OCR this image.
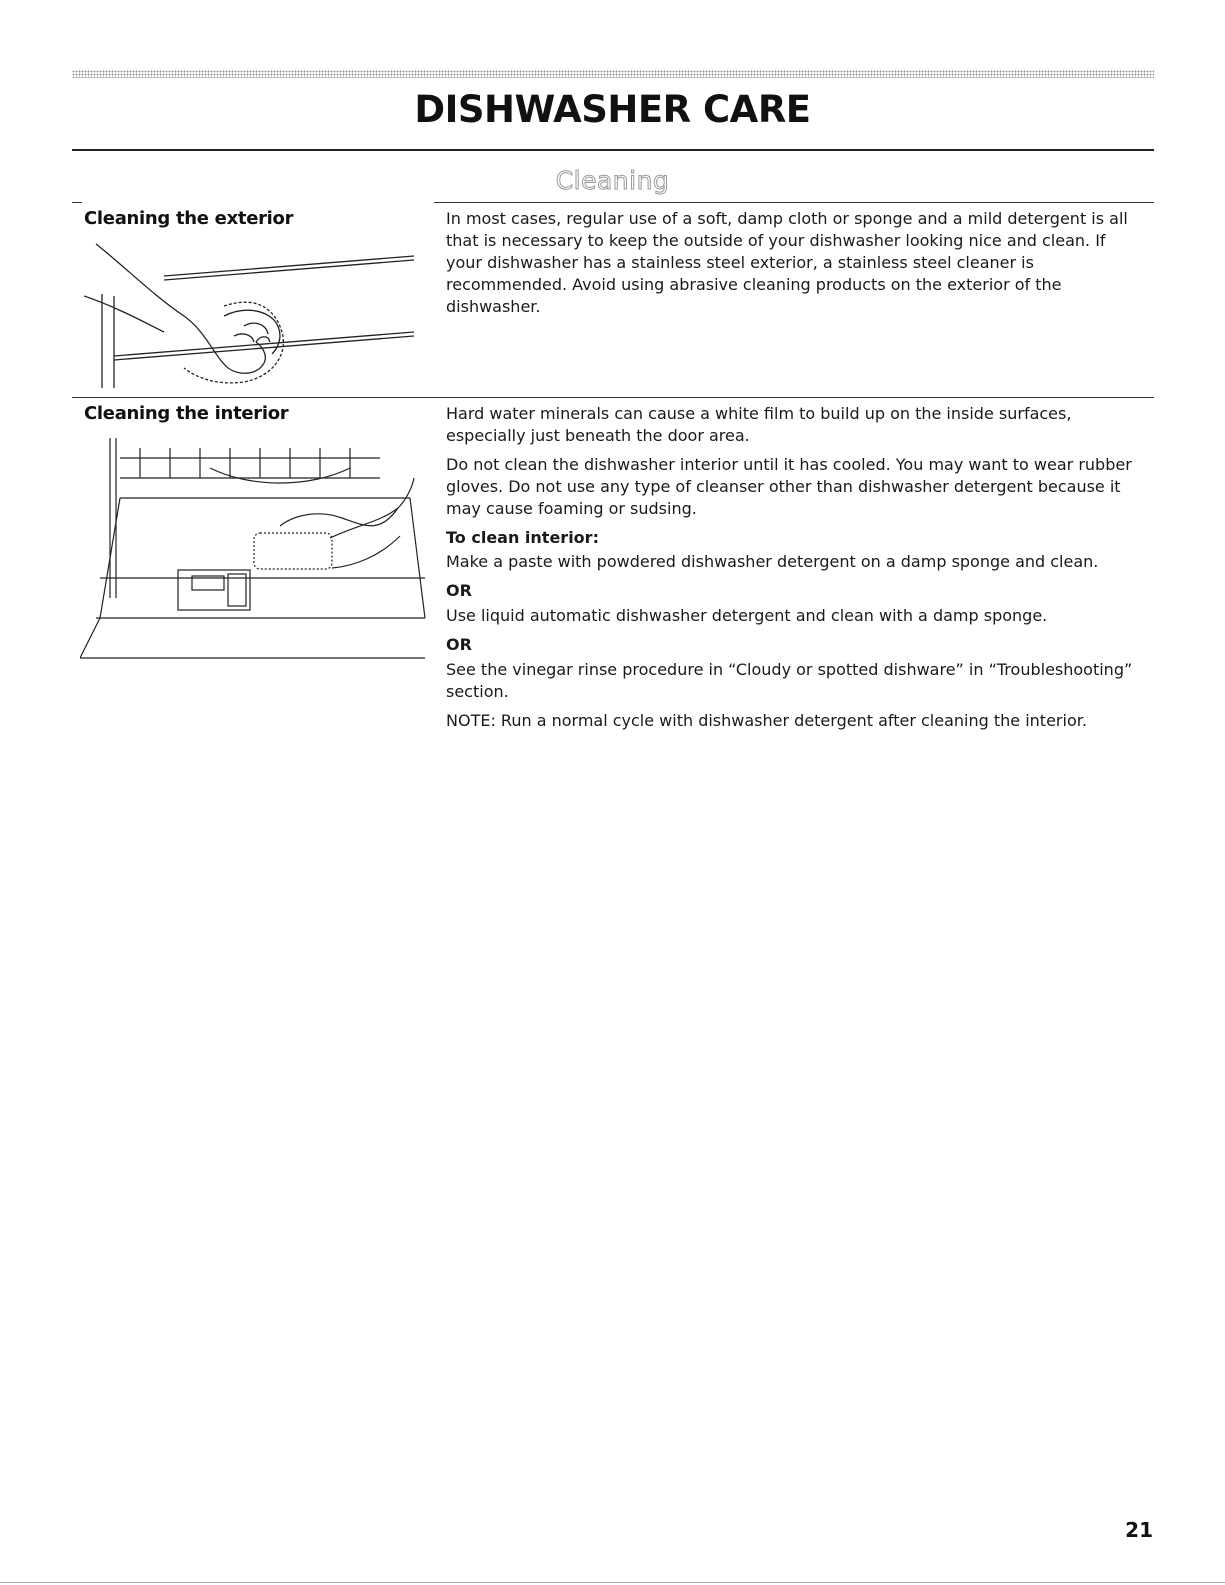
DISHWASHER CARE
Cleaning
Cleaning the exterior	In most cases, regular use of a soft, damp cloth or sponge and a mild detergent is all that is necessary to keep the outside of your dishwasher looking nice and clean. If your dishwasher has a stainless steel exterior, a stainless steel cleaner is recommended. Avoid using abrasive cleaning products on the exterior of the dishwasher.

Cleaning the interior	Hard water minerals can cause a white film to build up on the inside surfaces, especially just beneath the door area.

Do not clean the dishwasher interior until it has cooled. You may want to wear rubber gloves. Do not use any type of cleanser other than dishwasher detergent because it may cause foaming or sudsing.

To clean interior:

Make a paste with powdered dishwasher detergent on a damp sponge and clean.

OR

Use liquid automatic dishwasher detergent and clean with a damp sponge.

OR

See the vinegar rinse procedure in “Cloudy or spotted dishware” in “Troubleshooting” section.

NOTE: Run a normal cycle with dishwasher detergent after cleaning the interior.

21
